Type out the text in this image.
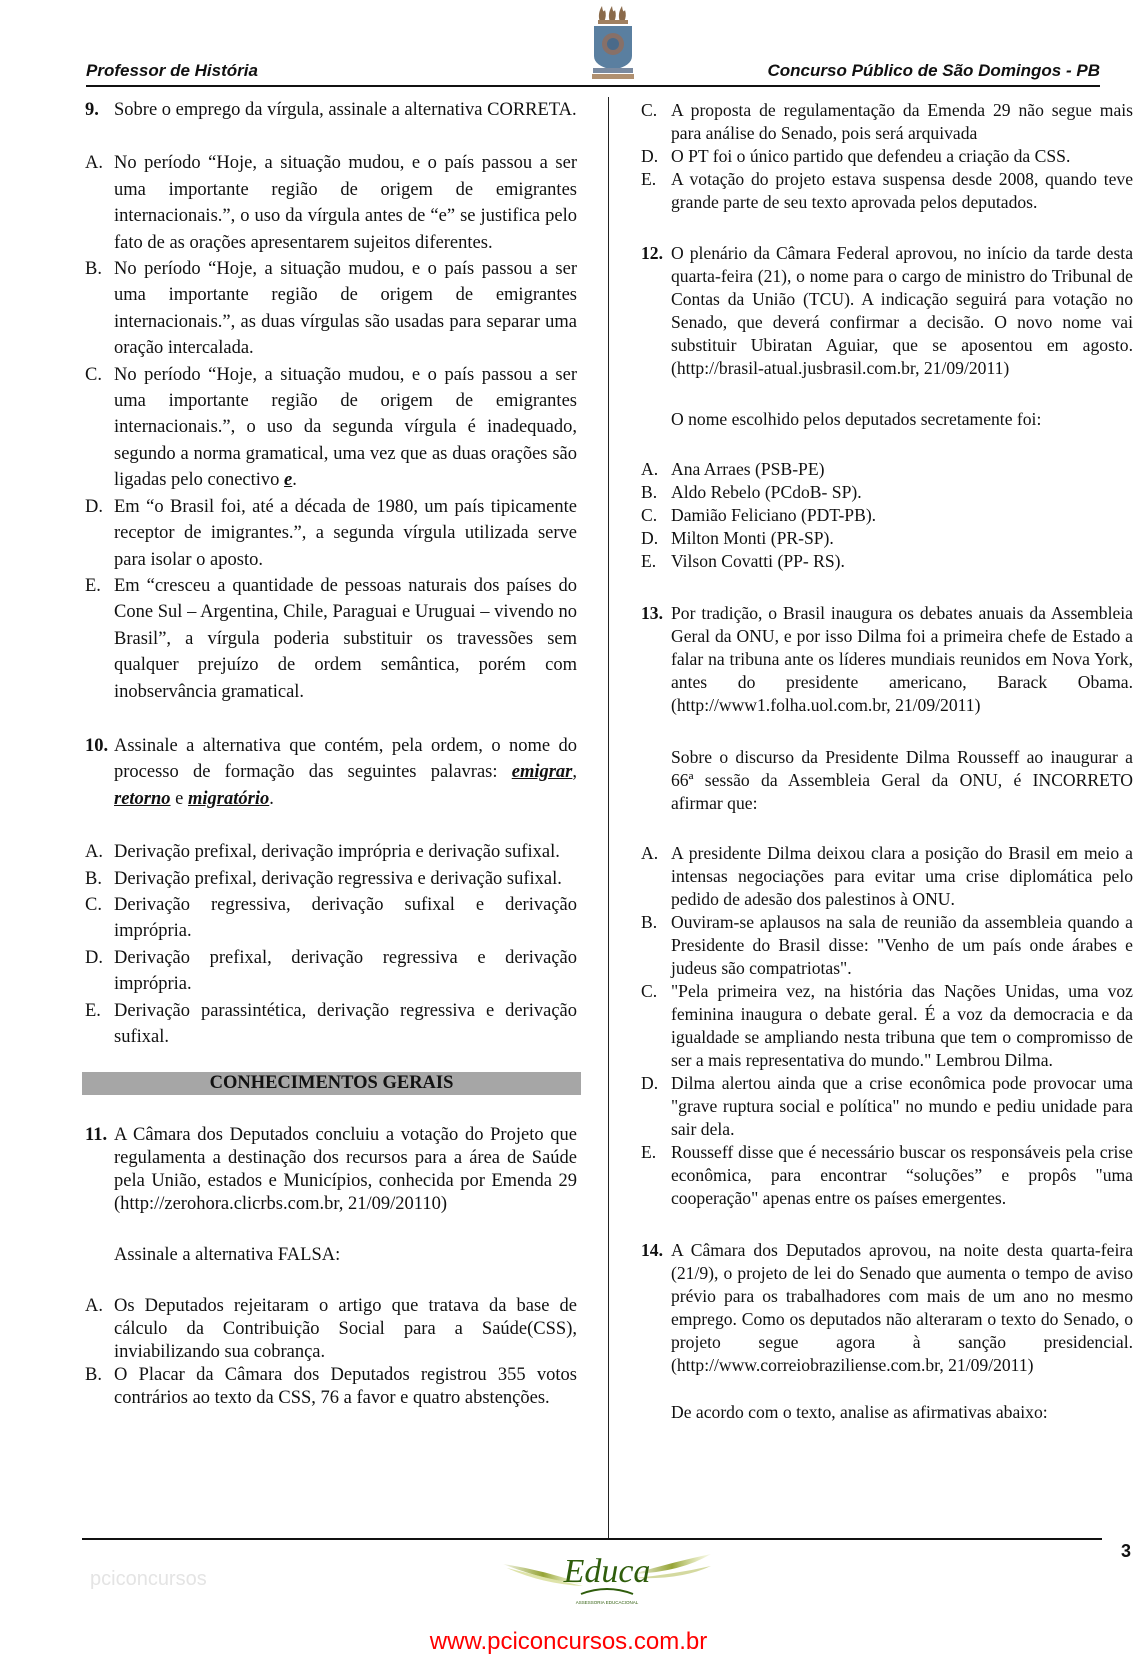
Professor de História	Concurso Público de São Domingos - PB
9. Sobre o emprego da vírgula, assinale a alternativa CORRETA.
A. No período “Hoje, a situação mudou, e o país passou a ser uma importante região de origem de emigrantes internacionais.”, o uso da vírgula antes de “e” se justifica pelo fato de as orações apresentarem sujeitos diferentes.
B. No período “Hoje, a situação mudou, e o país passou a ser uma importante região de origem de emigrantes internacionais.”, as duas vírgulas são usadas para separar uma oração intercalada.
C. No período “Hoje, a situação mudou, e o país passou a ser uma importante região de origem de emigrantes internacionais.”, o uso da segunda vírgula é inadequado, segundo a norma gramatical, uma vez que as duas orações são ligadas pelo conectivo e.
D. Em “o Brasil foi, até a década de 1980, um país tipicamente receptor de imigrantes.”, a segunda vírgula utilizada serve para isolar o aposto.
E. Em “cresceu a quantidade de pessoas naturais dos países do Cone Sul – Argentina, Chile, Paraguai e Uruguai – vivendo no Brasil”, a vírgula poderia substituir os travessões sem qualquer prejuízo de ordem semântica, porém com inobservância gramatical.
10. Assinale a alternativa que contém, pela ordem, o nome do processo de formação das seguintes palavras: emigrar, retorno e migratório.
A. Derivação prefixal, derivação imprópria e derivação sufixal.
B. Derivação prefixal, derivação regressiva e derivação sufixal.
C. Derivação regressiva, derivação sufixal e derivação imprópria.
D. Derivação prefixal, derivação regressiva e derivação imprópria.
E. Derivação parassintética, derivação regressiva e derivação sufixal.
CONHECIMENTOS GERAIS
11. A Câmara dos Deputados concluiu a votação do Projeto que regulamenta a destinação dos recursos para a área de Saúde pela União, estados e Municípios, conhecida por Emenda 29 (http://zerohora.clicrbs.com.br, 21/09/20110)
Assinale a alternativa FALSA:
A. Os Deputados rejeitaram o artigo que tratava da base de cálculo da Contribuição Social para a Saúde(CSS), inviabilizando sua cobrança.
B. O Placar da Câmara dos Deputados registrou 355 votos contrários ao texto da CSS, 76 a favor e quatro abstenções.
C. A proposta de regulamentação da Emenda 29 não segue mais para análise do Senado, pois será arquivada
D. O PT foi o único partido que defendeu a criação da CSS.
E. A votação do projeto estava suspensa desde 2008, quando teve grande parte de seu texto aprovada pelos deputados.
12. O plenário da Câmara Federal aprovou, no início da tarde desta quarta-feira (21), o nome para o cargo de ministro do Tribunal de Contas da União (TCU). A indicação seguirá para votação no Senado, que deverá confirmar a decisão. O novo nome vai substituir Ubiratan Aguiar, que se aposentou em agosto. (http://brasil-atual.jusbrasil.com.br, 21/09/2011)
O nome escolhido pelos deputados secretamente foi:
A. Ana Arraes (PSB-PE)
B. Aldo Rebelo (PCdoB- SP).
C. Damião Feliciano (PDT-PB).
D. Milton Monti (PR-SP).
E. Vilson Covatti (PP- RS).
13. Por tradição, o Brasil inaugura os debates anuais da Assembleia Geral da ONU, e por isso Dilma foi a primeira chefe de Estado a falar na tribuna ante os líderes mundiais reunidos em Nova York, antes do presidente americano, Barack Obama. (http://www1.folha.uol.com.br, 21/09/2011)
Sobre o discurso da Presidente Dilma Rousseff ao inaugurar a 66ª sessão da Assembleia Geral da ONU, é INCORRETO afirmar que:
A. A presidente Dilma deixou clara a posição do Brasil em meio a intensas negociações para evitar uma crise diplomática pelo pedido de adesão dos palestinos à ONU.
B. Ouviram-se aplausos na sala de reunião da assembleia quando a Presidente do Brasil disse: "Venho de um país onde árabes e judeus são compatriotas".
C. "Pela primeira vez, na história das Nações Unidas, uma voz feminina inaugura o debate geral. É a voz da democracia e da igualdade se ampliando nesta tribuna que tem o compromisso de ser a mais representativa do mundo." Lembrou Dilma.
D. Dilma alertou ainda que a crise econômica pode provocar uma "grave ruptura social e política" no mundo e pediu unidade para sair dela.
E. Rousseff disse que é necessário buscar os responsáveis pela crise econômica, para encontrar “soluções” e propôs "uma cooperação" apenas entre os países emergentes.
14. A Câmara dos Deputados aprovou, na noite desta quarta-feira (21/9), o projeto de lei do Senado que aumenta o tempo de aviso prévio para os trabalhadores com mais de um ano no mesmo emprego. Como os deputados não alteraram o texto do Senado, o projeto segue agora à sanção presidencial. (http://www.correiobraziliense.com.br, 21/09/2011)
De acordo com o texto, analise as afirmativas abaixo:
3
pciconcursos	Educa
ASSESSORIA EDUCACIONAL
www.pciconcursos.com.br
